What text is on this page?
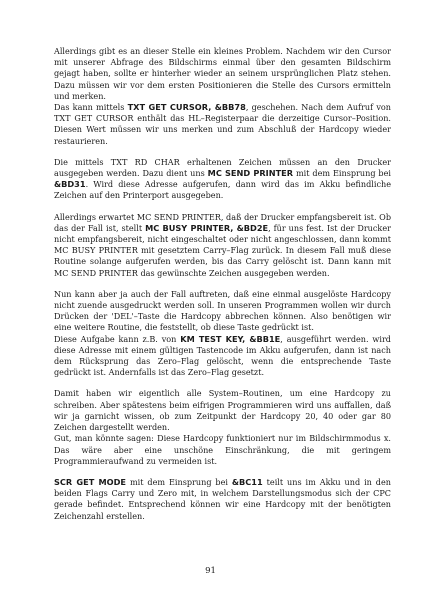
Allerdings gibt es an dieser Stelle ein kleines Problem. Nachdem wir den Cursor mit unserer Abfrage des Bildschirms einmal über den gesamten Bildschirm gejagt haben, sollte er hinterher wieder an seinem ursprünglichen Platz stehen. Dazu müssen wir vor dem ersten Positionieren die Stelle des Cursors ermitteln und merken.

Das kann mittels TXT GET CURSOR, &BB78, geschehen. Nach dem Aufruf von TXT GET CURSOR enthält das HL–Registerpaar die derzeitige Cursor–Position. Diesen Wert müssen wir uns merken und zum Abschluß der Hardcopy wieder restaurieren.

Die mittels TXT RD CHAR erhaltenen Zeichen müssen an den Drucker ausgegeben werden. Dazu dient uns MC SEND PRINTER mit dem Einsprung bei &BD31. Wird diese Adresse aufgerufen, dann wird das im Akku befindliche Zeichen auf den Printerport ausgegeben.

Allerdings erwartet MC SEND PRINTER, daß der Drucker empfangsbereit ist. Ob das der Fall ist, stellt MC BUSY PRINTER, &BD2E, für uns fest. Ist der Drucker nicht empfangsbereit, nicht eingeschaltet oder nicht angeschlossen, dann kommt MC BUSY PRINTER mit gesetztem Carry–Flag zurück. In diesem Fall muß diese Routine solange aufgerufen werden, bis das Carry gelöscht ist. Dann kann mit MC SEND PRINTER das gewünschte Zeichen ausgegeben werden.

Nun kann aber ja auch der Fall auftreten, daß eine einmal ausgelöste Hardcopy nicht zuende ausgedruckt werden soll. In unseren Programmen wollen wir durch Drücken der 'DEL'–Taste die Hardcopy abbrechen können. Also benötigen wir eine weitere Routine, die feststellt, ob diese Taste gedrückt ist.

Diese Aufgabe kann z.B. von KM TEST KEY, &BB1E, ausgeführt werden. wird diese Adresse mit einem gültigen Tastencode im Akku aufgerufen, dann ist nach dem Rücksprung das Zero–Flag gelöscht, wenn die entsprechende Taste gedrückt ist. Andernfalls ist das Zero–Flag gesetzt.

Damit haben wir eigentlich alle System–Routinen, um eine Hardcopy zu schreiben. Aber spätestens beim eifrigen Programmieren wird uns auffallen, daß wir ja garnicht wissen, ob zum Zeitpunkt der Hardcopy 20, 40 oder gar 80 Zeichen dargestellt werden.

Gut, man könnte sagen: Diese Hardcopy funktioniert nur im Bildschirmmodus x. Das wäre aber eine unschöne Einschränkung, die mit geringem Programmieraufwand zu vermeiden ist.

SCR GET MODE mit dem Einsprung bei &BC11 teilt uns im Akku und in den beiden Flags Carry und Zero mit, in welchem Darstellungsmodus sich der CPC gerade befindet. Entsprechend können wir eine Hardcopy mit der benötigten Zeichenzahl erstellen.

91
